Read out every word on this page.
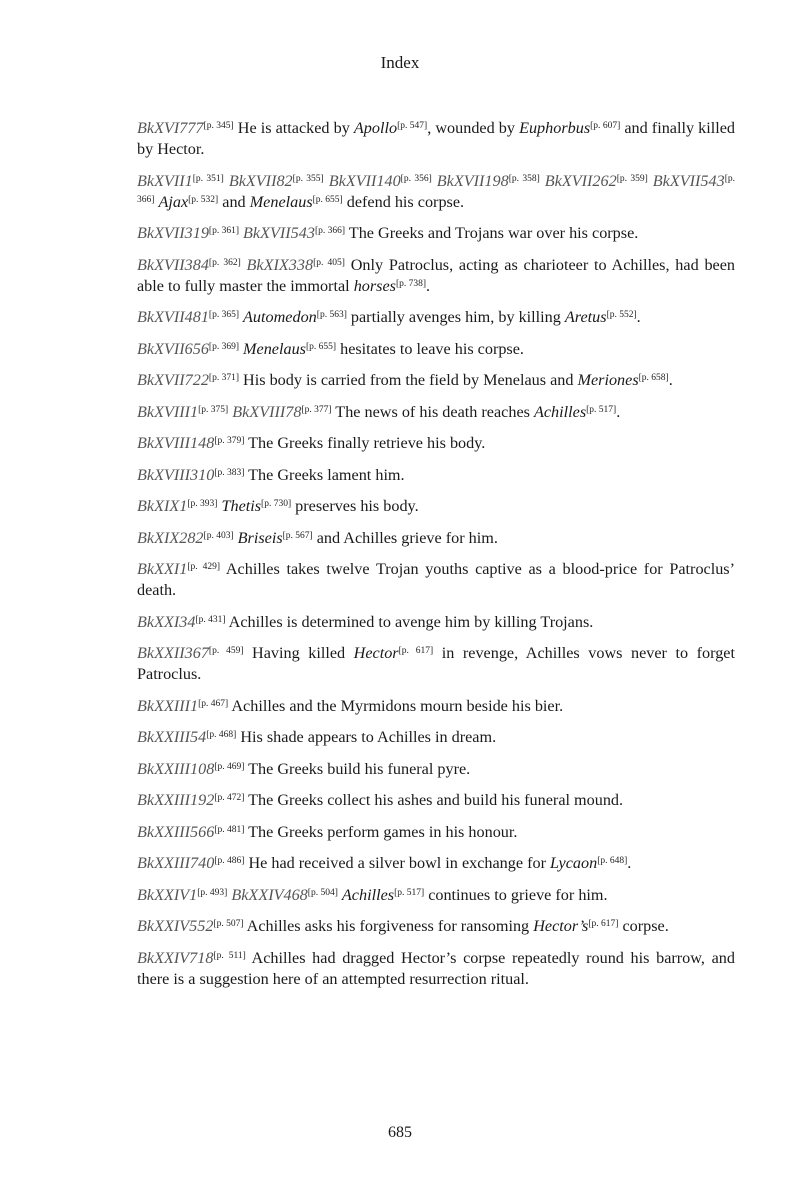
Index

BkXVI777[p. 345] He is attacked by Apollo[p. 547], wounded by Euphorbus[p. 607] and finally killed by Hector.

BkXVII1[p. 351] BkXVII82[p. 355] BkXVII140[p. 356] BkXVII198[p. 358] BkXVII262[p. 359] BkXVII543[p. 366] Ajax[p. 532] and Menelaus[p. 655] defend his corpse.

BkXVII319[p. 361] BkXVII543[p. 366] The Greeks and Trojans war over his corpse.

BkXVII384[p. 362] BkXIX338[p. 405] Only Patroclus, acting as charioteer to Achilles, had been able to fully master the immortal horses[p. 738].

BkXVII481[p. 365] Automedon[p. 563] partially avenges him, by killing Aretus[p. 552].

BkXVII656[p. 369] Menelaus[p. 655] hesitates to leave his corpse.

BkXVII722[p. 371] His body is carried from the field by Menelaus and Meriones[p. 658].

BkXVIII1[p. 375] BkXVIII78[p. 377] The news of his death reaches Achilles[p. 517].

BkXVIII148[p. 379] The Greeks finally retrieve his body.

BkXVIII310[p. 383] The Greeks lament him.

BkXIX1[p. 393] Thetis[p. 730] preserves his body.

BkXIX282[p. 403] Briseis[p. 567] and Achilles grieve for him.

BkXXI1[p. 429] Achilles takes twelve Trojan youths captive as a blood-price for Patroclus’ death.

BkXXI34[p. 431] Achilles is determined to avenge him by killing Trojans.

BkXXII367[p. 459] Having killed Hector[p. 617] in revenge, Achilles vows never to forget Patroclus.

BkXXIII1[p. 467] Achilles and the Myrmidons mourn beside his bier.

BkXXIII54[p. 468] His shade appears to Achilles in dream.

BkXXIII108[p. 469] The Greeks build his funeral pyre.

BkXXIII192[p. 472] The Greeks collect his ashes and build his funeral mound.

BkXXIII566[p. 481] The Greeks perform games in his honour.

BkXXIII740[p. 486] He had received a silver bowl in exchange for Lycaon[p. 648].

BkXXIV1[p. 493] BkXXIV468[p. 504] Achilles[p. 517] continues to grieve for him.

BkXXIV552[p. 507] Achilles asks his forgiveness for ransoming Hector’s[p. 617] corpse.

BkXXIV718[p. 511] Achilles had dragged Hector’s corpse repeatedly round his barrow, and there is a suggestion here of an attempted resurrection ritual.

685
